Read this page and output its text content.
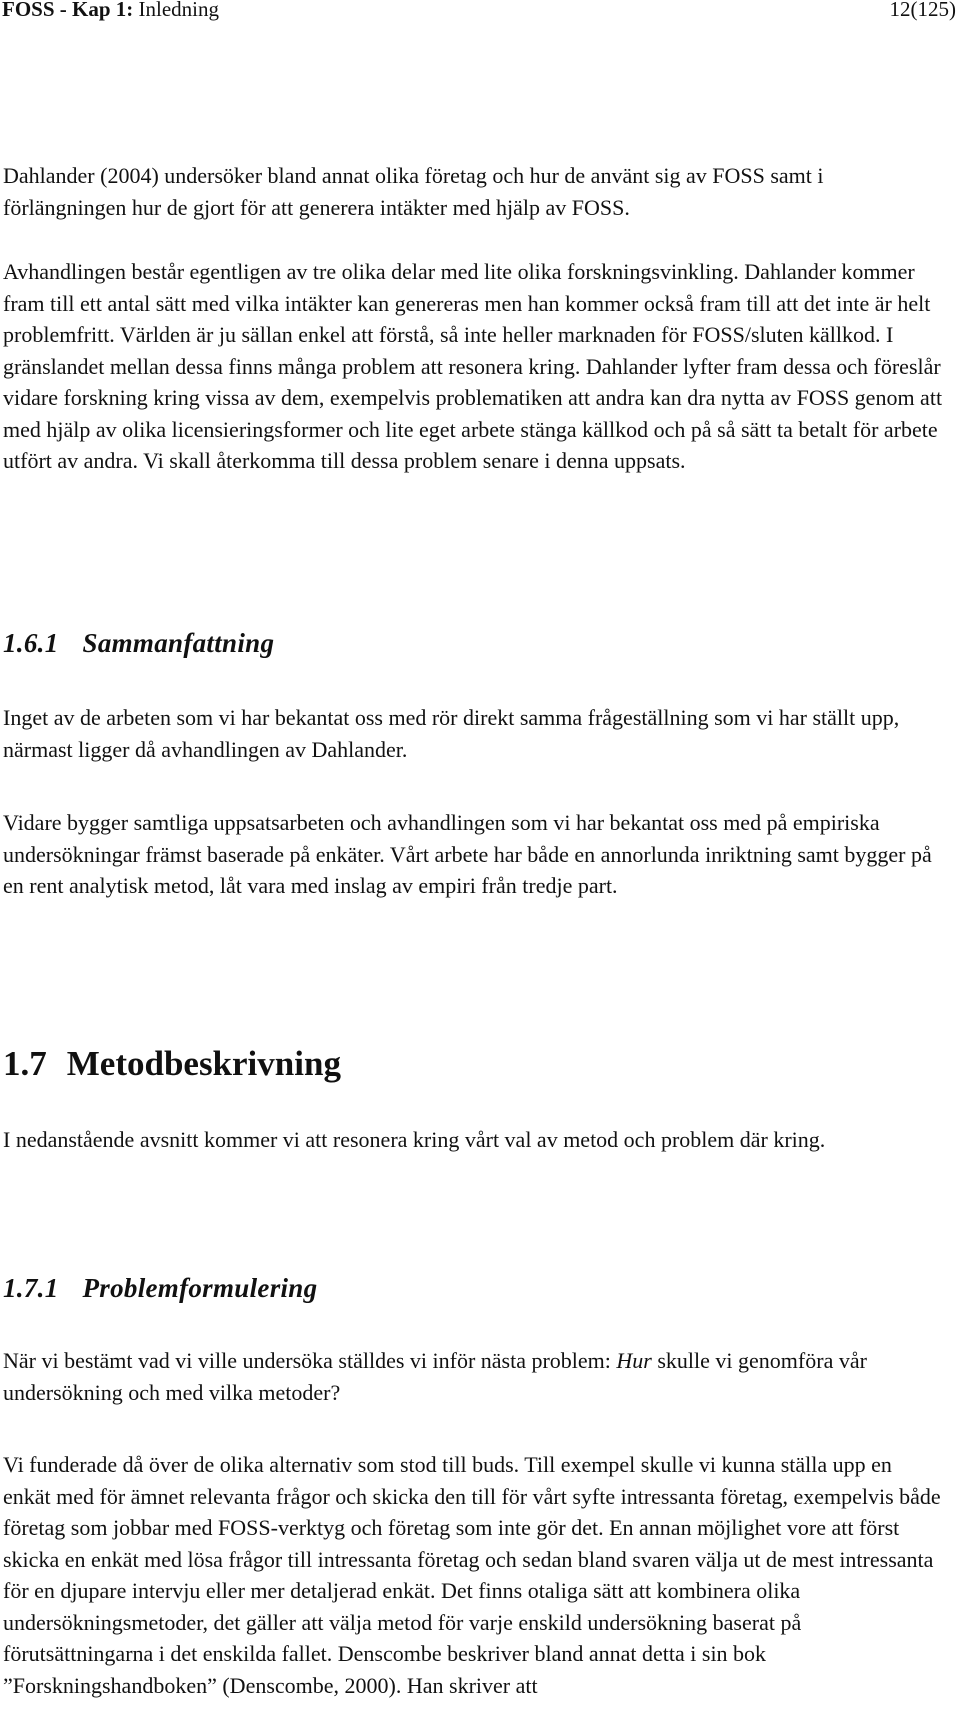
FOSS - Kap 1: Inledning	12(125)

Dahlander (2004) undersöker bland annat olika företag och hur de använt sig av FOSS samt i förlängningen hur de gjort för att generera intäkter med hjälp av FOSS.

Avhandlingen består egentligen av tre olika delar med lite olika forskningsvinkling. Dahlander kommer fram till ett antal sätt med vilka intäkter kan genereras men han kommer också fram till att det inte är helt problemfritt. Världen är ju sällan enkel att förstå, så inte heller marknaden för FOSS/sluten källkod. I gränslandet mellan dessa finns många problem att resonera kring. Dahlander lyfter fram dessa och föreslår vidare forskning kring vissa av dem, exempelvis problematiken att andra kan dra nytta av FOSS genom att med hjälp av olika licensieringsformer och lite eget arbete stänga källkod och på så sätt ta betalt för arbete utfört av andra. Vi skall återkomma till dessa problem senare i denna uppsats.

1.6.1 Sammanfattning

Inget av de arbeten som vi har bekantat oss med rör direkt samma frågeställning som vi har ställt upp, närmast ligger då avhandlingen av Dahlander.

Vidare bygger samtliga uppsatsarbeten och avhandlingen som vi har bekantat oss med på empiriska undersökningar främst baserade på enkäter. Vårt arbete har både en annorlunda inriktning samt bygger på en rent analytisk metod, låt vara med inslag av empiri från tredje part.

1.7 Metodbeskrivning

I nedanstående avsnitt kommer vi att resonera kring vårt val av metod och problem där kring.

1.7.1 Problemformulering

När vi bestämt vad vi ville undersöka ställdes vi inför nästa problem: Hur skulle vi genomföra vår undersökning och med vilka metoder?

Vi funderade då över de olika alternativ som stod till buds. Till exempel skulle vi kunna ställa upp en enkät med för ämnet relevanta frågor och skicka den till för vårt syfte intressanta företag, exempelvis både företag som jobbar med FOSS-verktyg och företag som inte gör det. En annan möjlighet vore att först skicka en enkät med lösa frågor till intressanta företag och sedan bland svaren välja ut de mest intressanta för en djupare intervju eller mer detaljerad enkät. Det finns otaliga sätt att kombinera olika undersökningsmetoder, det gäller att välja metod för varje enskild undersökning baserat på förutsättningarna i det enskilda fallet. Denscombe beskriver bland annat detta i sin bok ”Forskningshandboken” (Denscombe, 2000). Han skriver att
